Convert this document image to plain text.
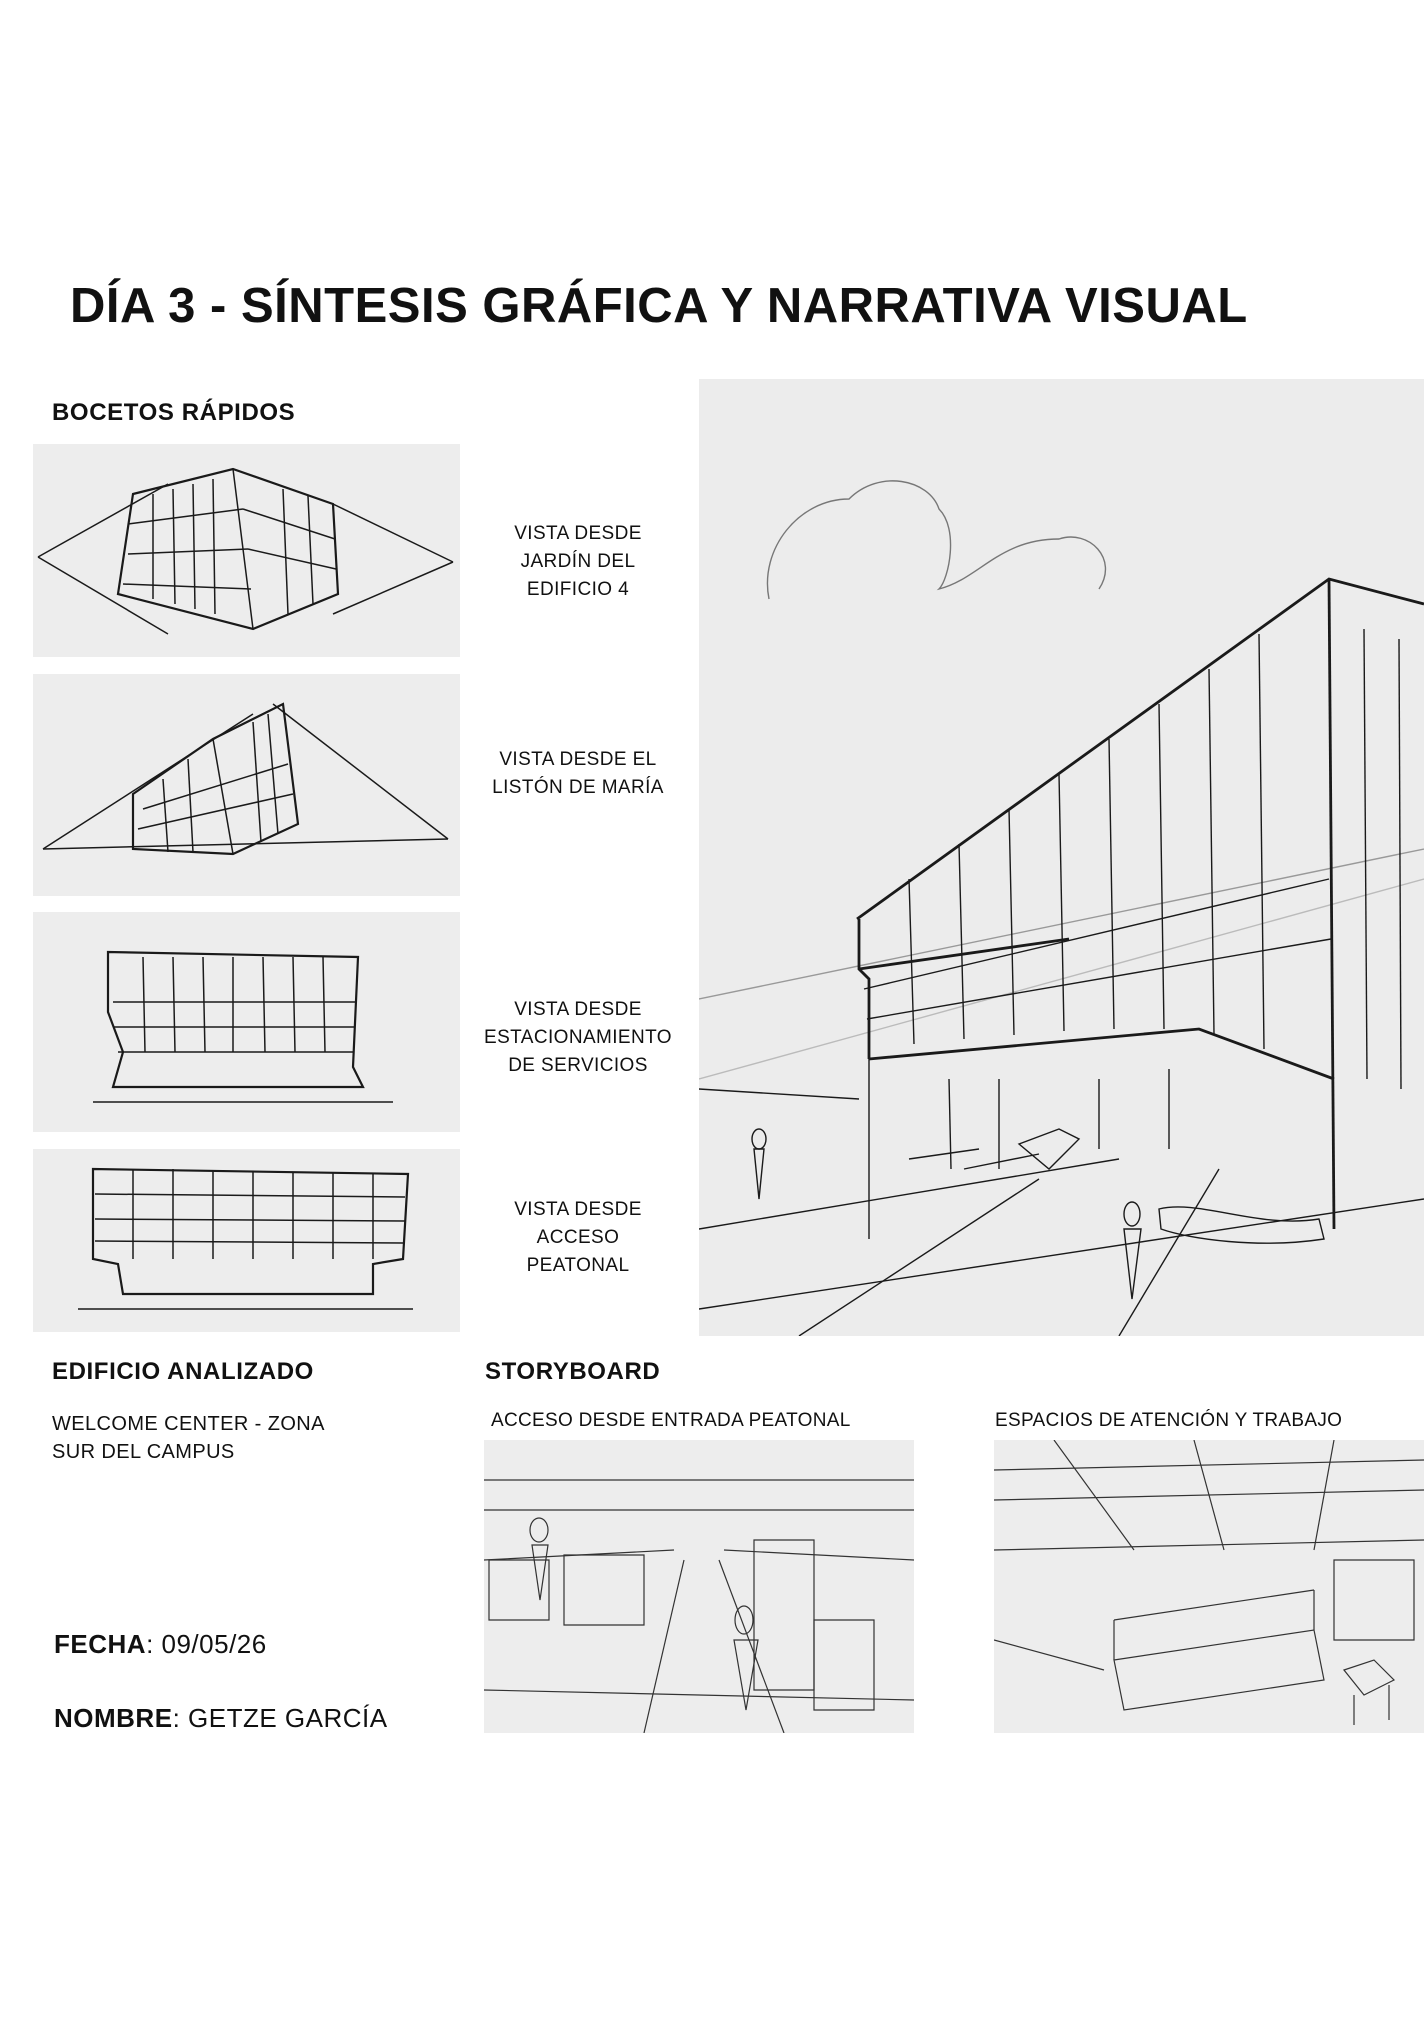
DÍA 3 - SÍNTESIS GRÁFICA Y NARRATIVA VISUAL
BOCETOS RÁPIDOS
VISTA DESDE
JARDÍN DEL
EDIFICIO 4
VISTA DESDE EL
LISTÓN DE MARÍA
VISTA DESDE
ESTACIONAMIENTO
DE SERVICIOS
VISTA DESDE
ACCESO
PEATONAL
EDIFICIO ANALIZADO
WELCOME CENTER - ZONA
SUR DEL CAMPUS
STORYBOARD
ACCESO DESDE ENTRADA PEATONAL	ESPACIOS DE ATENCIÓN Y TRABAJO
FECHA: 09/05/26
NOMBRE: GETZE GARCÍA
